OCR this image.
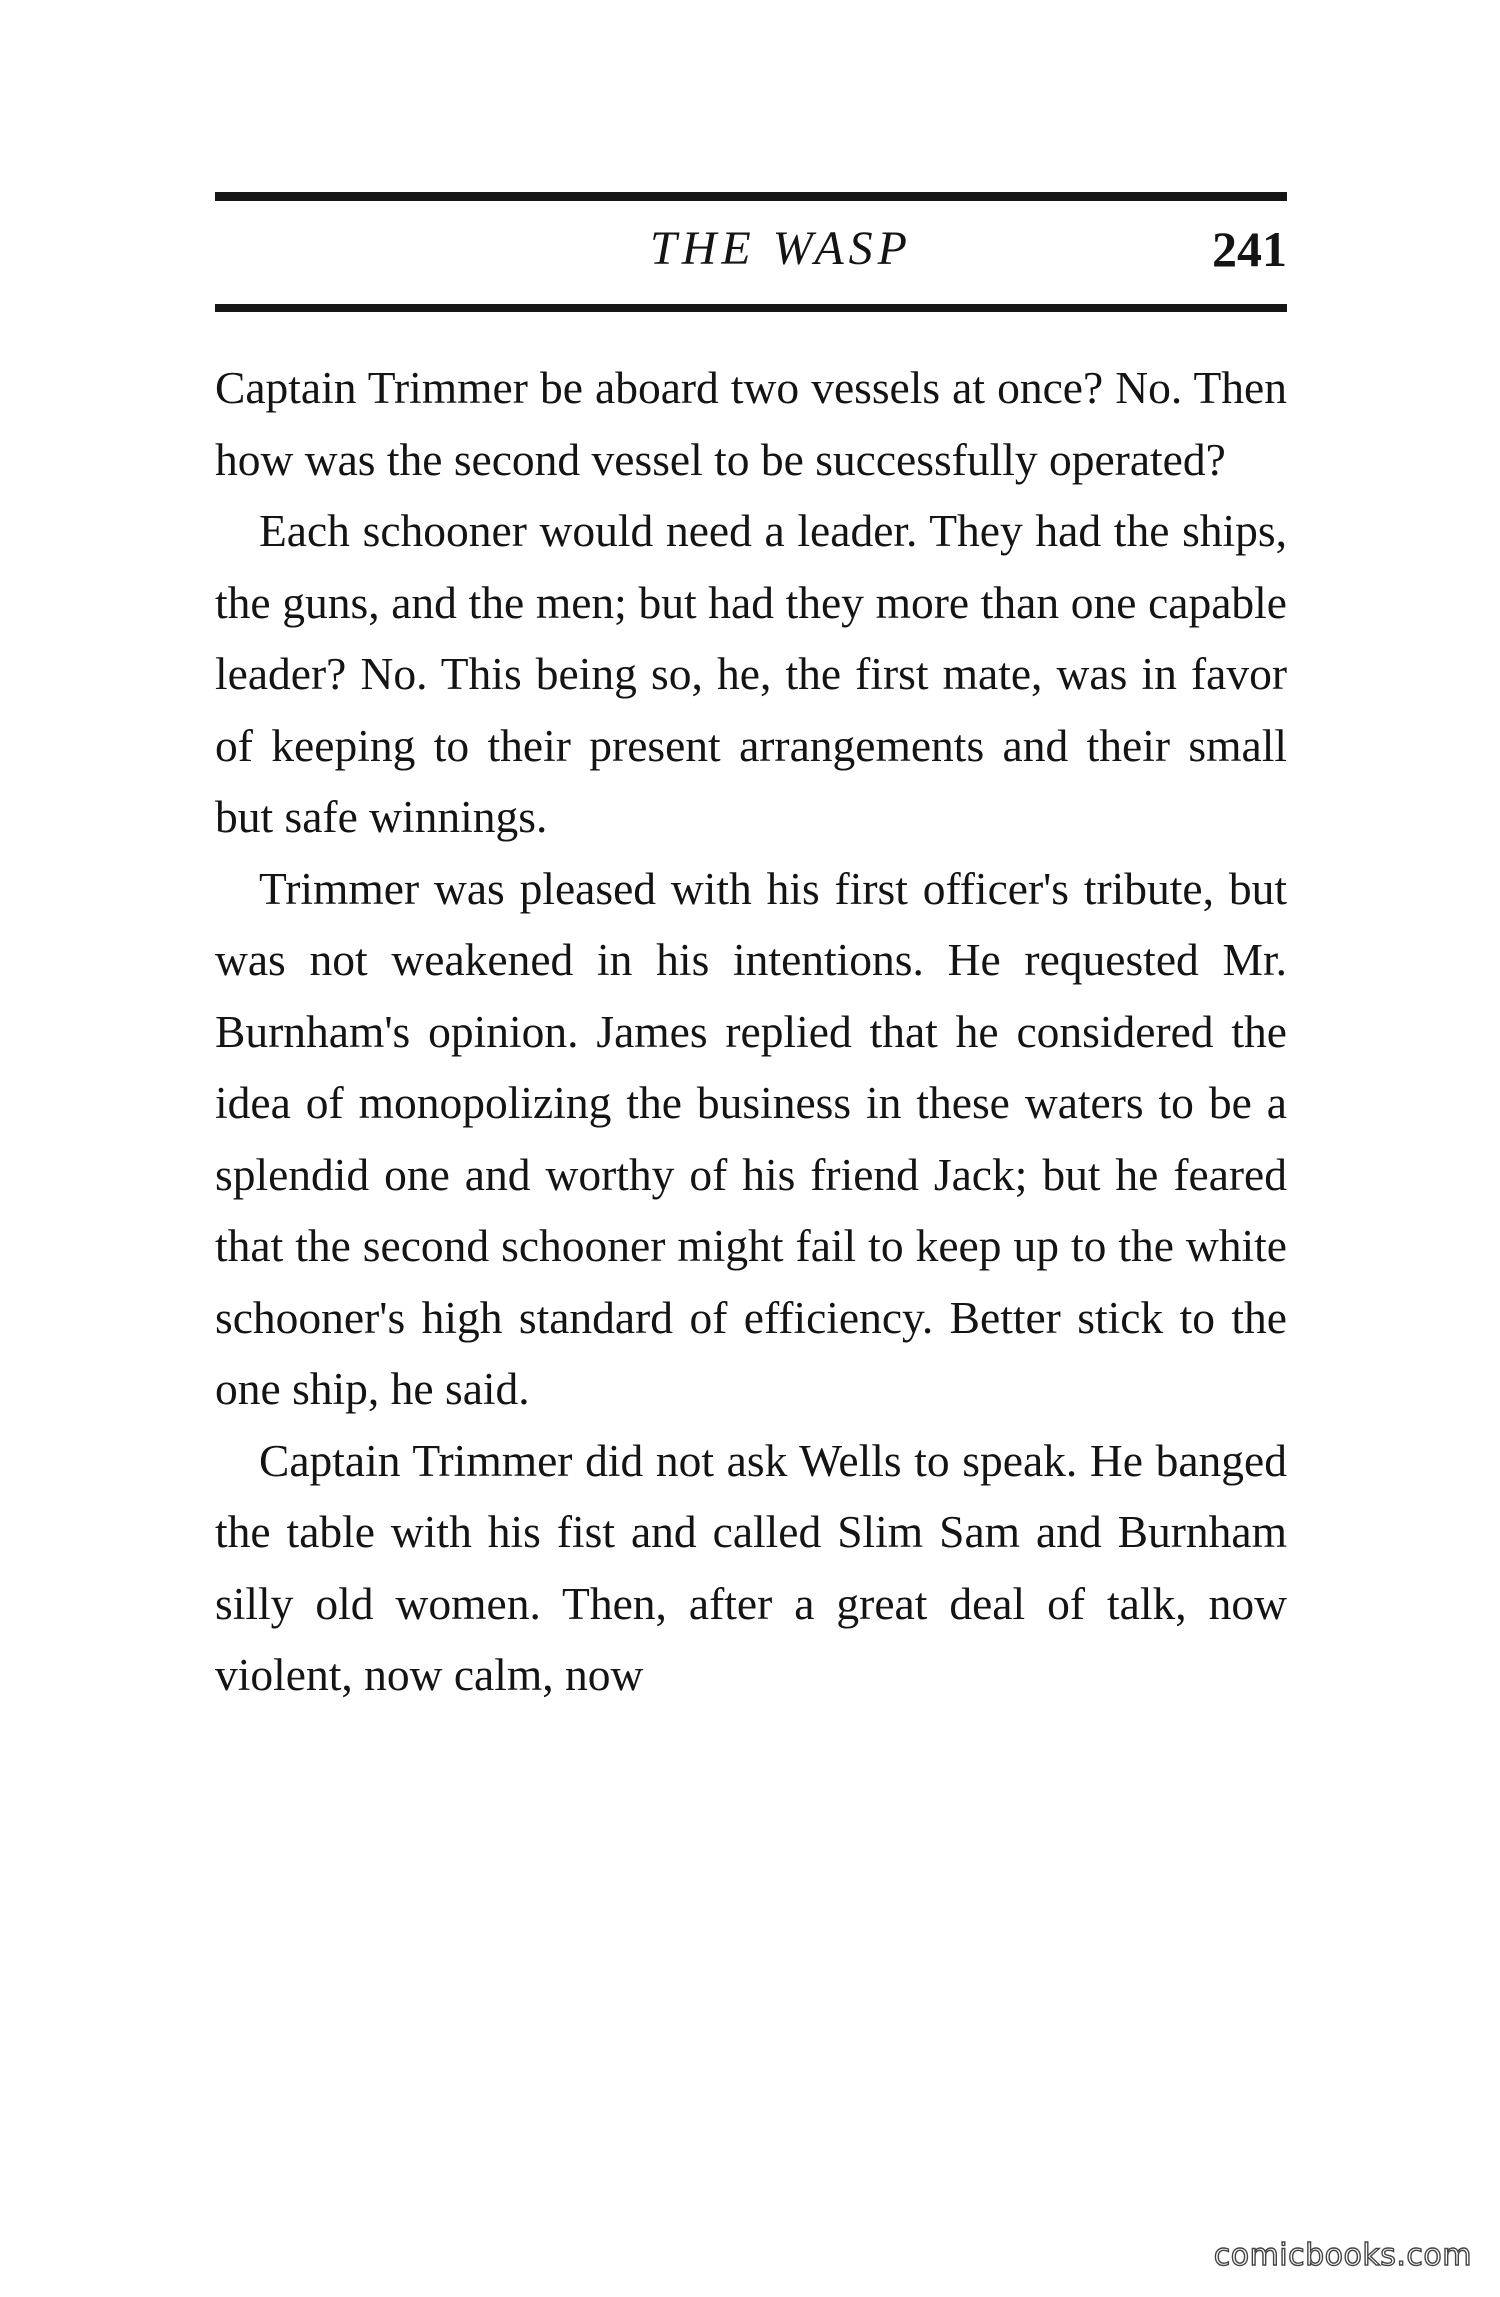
THE WASP	241

Captain Trimmer be aboard two vessels at once? No. Then how was the second vessel to be successfully operated?

Each schooner would need a leader. They had the ships, the guns, and the men; but had they more than one capable leader? No. This being so, he, the first mate, was in favor of keeping to their present arrangements and their small but safe winnings.

Trimmer was pleased with his first officer's tribute, but was not weakened in his intentions. He requested Mr. Burnham's opinion. James replied that he considered the idea of monopolizing the business in these waters to be a splendid one and worthy of his friend Jack; but he feared that the second schooner might fail to keep up to the white schooner's high standard of efficiency. Better stick to the one ship, he said.

Captain Trimmer did not ask Wells to speak. He banged the table with his fist and called Slim Sam and Burnham silly old women. Then, after a great deal of talk, now violent, now calm, now

comicbooks.com
